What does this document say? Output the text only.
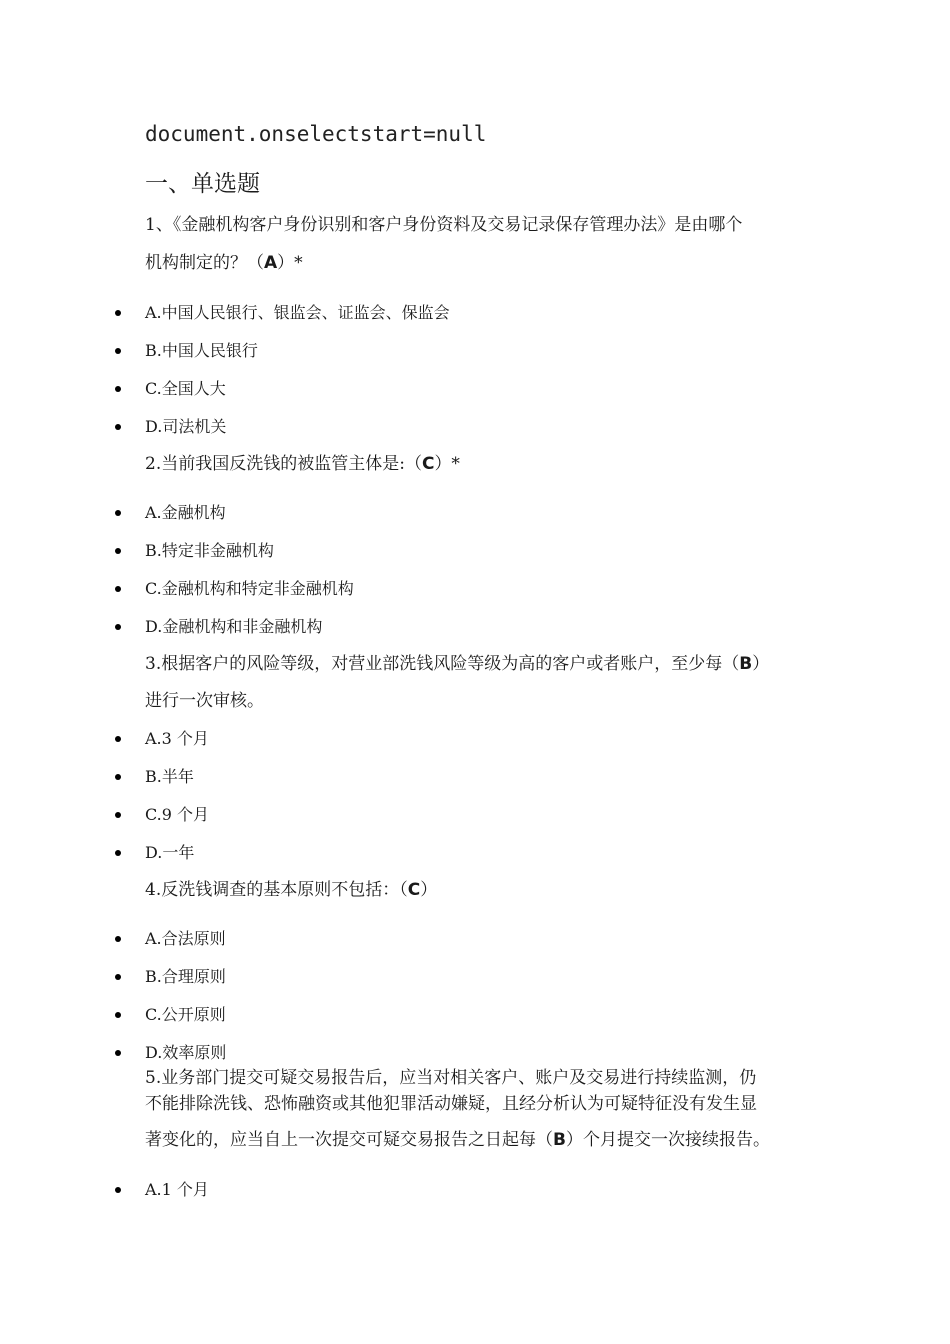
document.onselectstart=null
一、单选题
1、《金融机构客户身份识别和客户身份资料及交易记录保存管理办法》是由哪个
机构制定的？（A）*
A.中国人民银行、银监会、证监会、保监会
B.中国人民银行
C.全国人大
D.司法机关
2.当前我国反洗钱的被监管主体是:（C）*
A.金融机构
B.特定非金融机构
C.金融机构和特定非金融机构
D.金融机构和非金融机构
3.根据客户的风险等级，对营业部洗钱风险等级为高的客户或者账户，至少每（B）
进行一次审核。
A.3 个月
B.半年
C.9 个月
D.一年
4.反洗钱调查的基本原则不包括：（C）
A.合法原则
B.合理原则
C.公开原则
D.效率原则
5.业务部门提交可疑交易报告后，应当对相关客户、账户及交易进行持续监测，仍
不能排除洗钱、恐怖融资或其他犯罪活动嫌疑，且经分析认为可疑特征没有发生显
著变化的，应当自上一次提交可疑交易报告之日起每（B）个月提交一次接续报告。
A.1 个月
